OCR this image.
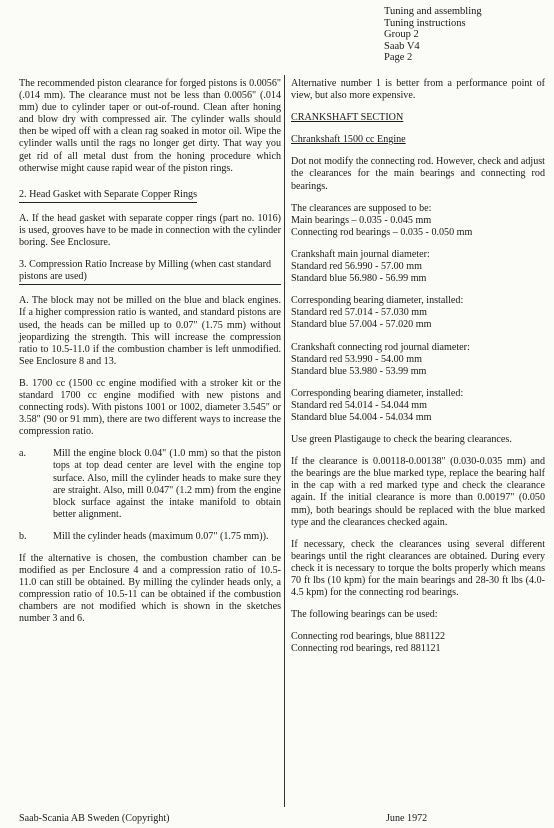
Tuning and assembling
Tuning instructions
Group 2
Saab V4
Page 2

The recommended piston clearance for forged pistons is 0.0056" (.014 mm). The clearance must not be less than 0.0056" (.014 mm) due to cylinder taper or out-of-round. Clean after honing and blow dry with compressed air. The cylinder walls should then be wiped off with a clean rag soaked in motor oil. Wipe the cylinder walls until the rags no longer get dirty. That way you get rid of all metal dust from the honing procedure which otherwise might cause rapid wear of the piston rings.

2. Head Gasket with Separate Copper Rings

A. If the head gasket with separate copper rings (part no. 1016) is used, grooves have to be made in connection with the cylinder boring. See Enclosure.

3. Compression Ratio Increase by Milling (when cast standard pistons are used)

A. The block may not be milled on the blue and black engines. If a higher compression ratio is wanted, and standard pistons are used, the heads can be milled up to 0.07" (1.75 mm) without jeopardizing the strength. This will increase the compression ratio to 10.5-11.0 if the combustion chamber is left unmodified. See Enclosure 8 and 13.

B. 1700 cc (1500 cc engine modified with a stroker kit or the standard 1700 cc engine modified with new pistons and connecting rods). With pistons 1001 or 1002, diameter 3.545" or 3.58" (90 or 91 mm), there are two different ways to increase the compression ratio.

a.	Mill the engine block 0.04" (1.0 mm) so that the piston tops at top dead center are level with the engine top surface. Also, mill the cylinder heads to make sure they are straight. Also, mill 0.047" (1.2 mm) from the engine block surface against the intake manifold to obtain better alignment.
b.	Mill the cylinder heads (maximum 0.07" (1.75 mm)).

If the alternative is chosen, the combustion chamber can be modified as per Enclosure 4 and a compression ratio of 10.5-11.0 can still be obtained. By milling the cylinder heads only, a compression ratio of 10.5-11 can be obtained if the combustion chambers are not modified which is shown in the sketches number 3 and 6.

Alternative number 1 is better from a performance point of view, but also more expensive.

CRANKSHAFT SECTION

Chrankshaft 1500 cc Engine

Dot not modify the connecting rod. However, check and adjust the clearances for the main bearings and connecting rod bearings.

The clearances are supposed to be:
Main bearings – 0.035 - 0.045 mm
Connecting rod bearings – 0.035 - 0.050 mm

Crankshaft main journal diameter:
Standard red 56.990 - 57.00 mm
Standard blue 56.980 - 56.99 mm

Corresponding bearing diameter, installed:
Standard red 57.014 - 57.030 mm
Standard blue 57.004 - 57.020 mm

Crankshaft connecting rod journal diameter:
Standard red 53.990 - 54.00 mm
Standard blue 53.980 - 53.99 mm

Corresponding bearing diameter, installed:
Standard red 54.014 - 54.044 mm
Standard blue 54.004 - 54.034 mm

Use green Plastigauge to check the bearing clearances.

If the clearance is 0.00118-0.00138" (0.030-0.035 mm) and the bearings are the blue marked type, replace the bearing half in the cap with a red marked type and check the clearance again. If the initial clearance is more than 0.00197" (0.050 mm), both bearings should be replaced with the blue marked type and the clearances checked again.

If necessary, check the clearances using several different bearings until the right clearances are obtained. During every check it is necessary to torque the bolts properly which means 70 ft lbs (10 kpm) for the main bearings and 28-30 ft lbs (4.0-4.5 kpm) for the connecting rod bearings.

The following bearings can be used:

Connecting rod bearings, blue 881122
Connecting rod bearings, red 881121

Saab-Scania AB Sweden (Copyright)	June 1972
